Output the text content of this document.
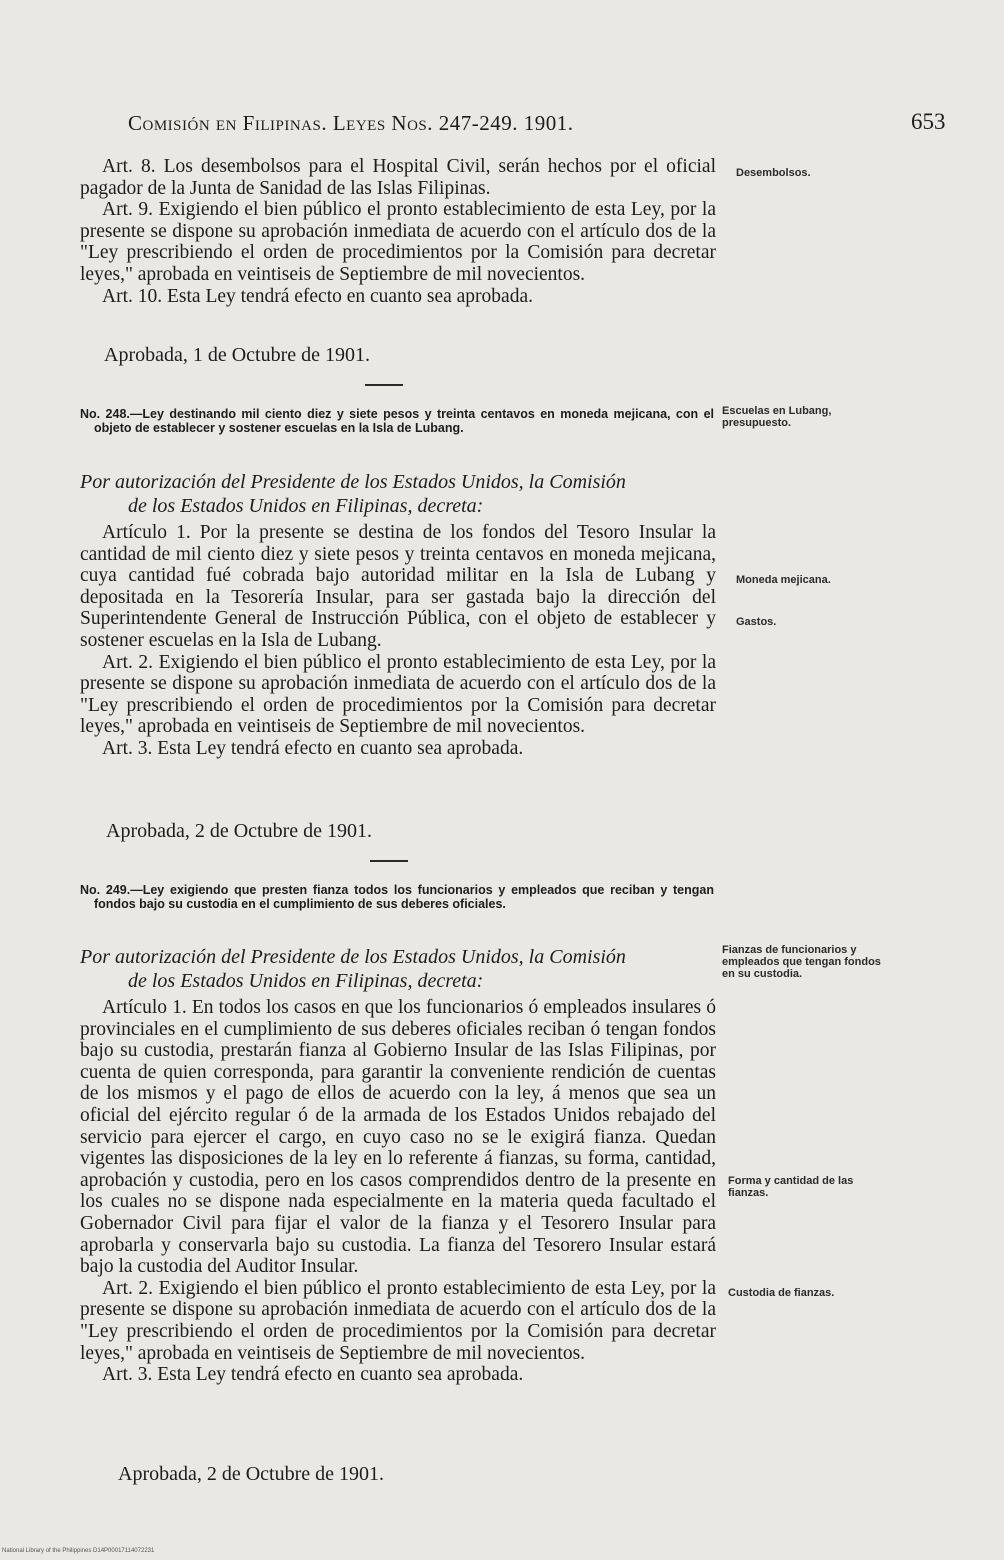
Comisión en Filipinas. Leyes Nos. 247-249. 1901.	653

Art. 8. Los desembolsos para el Hospital Civil, serán hechos por el oficial pagador de la Junta de Sanidad de las Islas Filipinas.

Art. 9. Exigiendo el bien público el pronto establecimiento de esta Ley, por la presente se dispone su aprobación inmediata de acuerdo con el artículo dos de la "Ley prescribiendo el orden de procedimientos por la Comisión para decretar leyes," aprobada en veintiseis de Septiembre de mil novecientos.

Art. 10. Esta Ley tendrá efecto en cuanto sea aprobada.

Aprobada, 1 de Octubre de 1901.
Desembolsos.
No. 248.—Ley destinando mil ciento diez y siete pesos y treinta centavos en moneda mejicana, con el objeto de establecer y sostener escuelas en la Isla de Lubang.
Escuelas en Lubang, presupuesto.
Por autorización del Presidente de los Estados Unidos, la Comisión
de los Estados Unidos en Filipinas, decreta:

Artículo 1. Por la presente se destina de los fondos del Tesoro Insular la cantidad de mil ciento diez y siete pesos y treinta centavos en moneda mejicana, cuya cantidad fué cobrada bajo autoridad militar en la Isla de Lubang y depositada en la Tesorería Insular, para ser gastada bajo la dirección del Superintendente General de Instrucción Pública, con el objeto de establecer y sostener escuelas en la Isla de Lubang.

Art. 2. Exigiendo el bien público el pronto establecimiento de esta Ley, por la presente se dispone su aprobación inmediata de acuerdo con el artículo dos de la "Ley prescribiendo el orden de procedimientos por la Comisión para decretar leyes," aprobada en veintiseis de Septiembre de mil novecientos.

Art. 3. Esta Ley tendrá efecto en cuanto sea aprobada.

Moneda mejicana.
Gastos.
Aprobada, 2 de Octubre de 1901.
No. 249.—Ley exigiendo que presten fianza todos los funcionarios y empleados que reciban y tengan fondos bajo su custodia en el cumplimiento de sus deberes oficiales.
Por autorización del Presidente de los Estados Unidos, la Comisión
de los Estados Unidos en Filipinas, decreta:
Fianzas de funcionarios y empleados que tengan fondos en su custodia.

Artículo 1. En todos los casos en que los funcionarios ó empleados insulares ó provinciales en el cumplimiento de sus deberes oficiales reciban ó tengan fondos bajo su custodia, prestarán fianza al Gobierno Insular de las Islas Filipinas, por cuenta de quien corresponda, para garantir la conveniente rendición de cuentas de los mismos y el pago de ellos de acuerdo con la ley, á menos que sea un oficial del ejército regular ó de la armada de los Estados Unidos rebajado del servicio para ejercer el cargo, en cuyo caso no se le exigirá fianza. Quedan vigentes las disposiciones de la ley en lo referente á fianzas, su forma, cantidad, aprobación y custodia, pero en los casos comprendidos dentro de la presente en los cuales no se dispone nada especialmente en la materia queda facultado el Gobernador Civil para fijar el valor de la fianza y el Tesorero Insular para aprobarla y conservarla bajo su custodia. La fianza del Tesorero Insular estará bajo la custodia del Auditor Insular.

Art. 2. Exigiendo el bien público el pronto establecimiento de esta Ley, por la presente se dispone su aprobación inmediata de acuerdo con el artículo dos de la "Ley prescribiendo el orden de procedimientos por la Comisión para decretar leyes," aprobada en veintiseis de Septiembre de mil novecientos.

Art. 3. Esta Ley tendrá efecto en cuanto sea aprobada.

Forma y cantidad de las fianzas.
Custodia de fianzas.
Aprobada, 2 de Octubre de 1901.
National Library of the Philippines D14P00017114072231
